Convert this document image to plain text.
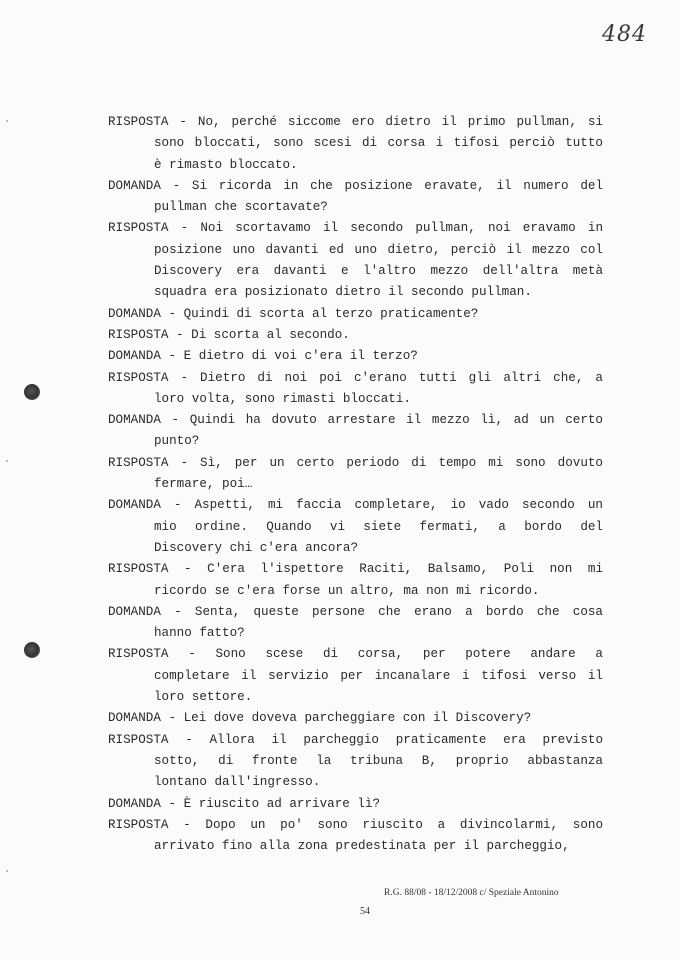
484
RISPOSTA - No, perché siccome ero dietro il primo pullman, si
sono bloccati, sono scesi di corsa i tifosi perciò tutto
è rimasto bloccato.
DOMANDA - Si ricorda in che posizione eravate, il numero del
pullman che scortavate?
RISPOSTA - Noi scortavamo il secondo pullman, noi eravamo in
posizione uno davanti ed uno dietro, perciò il mezzo col
Discovery era davanti e l'altro mezzo dell'altra metà
squadra era posizionato dietro il secondo pullman.
DOMANDA - Quindi di scorta al terzo praticamente?
RISPOSTA - Di scorta al secondo.
DOMANDA - E dietro di voi c'era il terzo?
RISPOSTA - Dietro di noi poi c'erano tutti gli altri che, a
loro volta, sono rimasti bloccati.
DOMANDA - Quindi ha dovuto arrestare il mezzo lì, ad un certo
punto?
RISPOSTA - Sì, per un certo periodo di tempo mi sono dovuto
fermare, poi…
DOMANDA - Aspetti, mi faccia completare, io vado secondo un
mio ordine. Quando vi siete fermati, a bordo del
Discovery chi c'era ancora?
RISPOSTA - C'era l'ispettore Raciti, Balsamo, Poli non mi
ricordo se c'era forse un altro, ma non mi ricordo.
DOMANDA - Senta, queste persone che erano a bordo che cosa
hanno fatto?
RISPOSTA - Sono scese di corsa, per potere andare a
completare il servizio per incanalare i tifosi verso il
loro settore.
DOMANDA - Lei dove doveva parcheggiare con il Discovery?
RISPOSTA - Allora il parcheggio praticamente era previsto
sotto, di fronte la tribuna B, proprio abbastanza
lontano dall'ingresso.
DOMANDA - È riuscito ad arrivare lì?
RISPOSTA - Dopo un po' sono riuscito a divincolarmi, sono
arrivato fino alla zona predestinata per il parcheggio,
R.G. 88/08 - 18/12/2008 c/ Speziale Antonino
54
